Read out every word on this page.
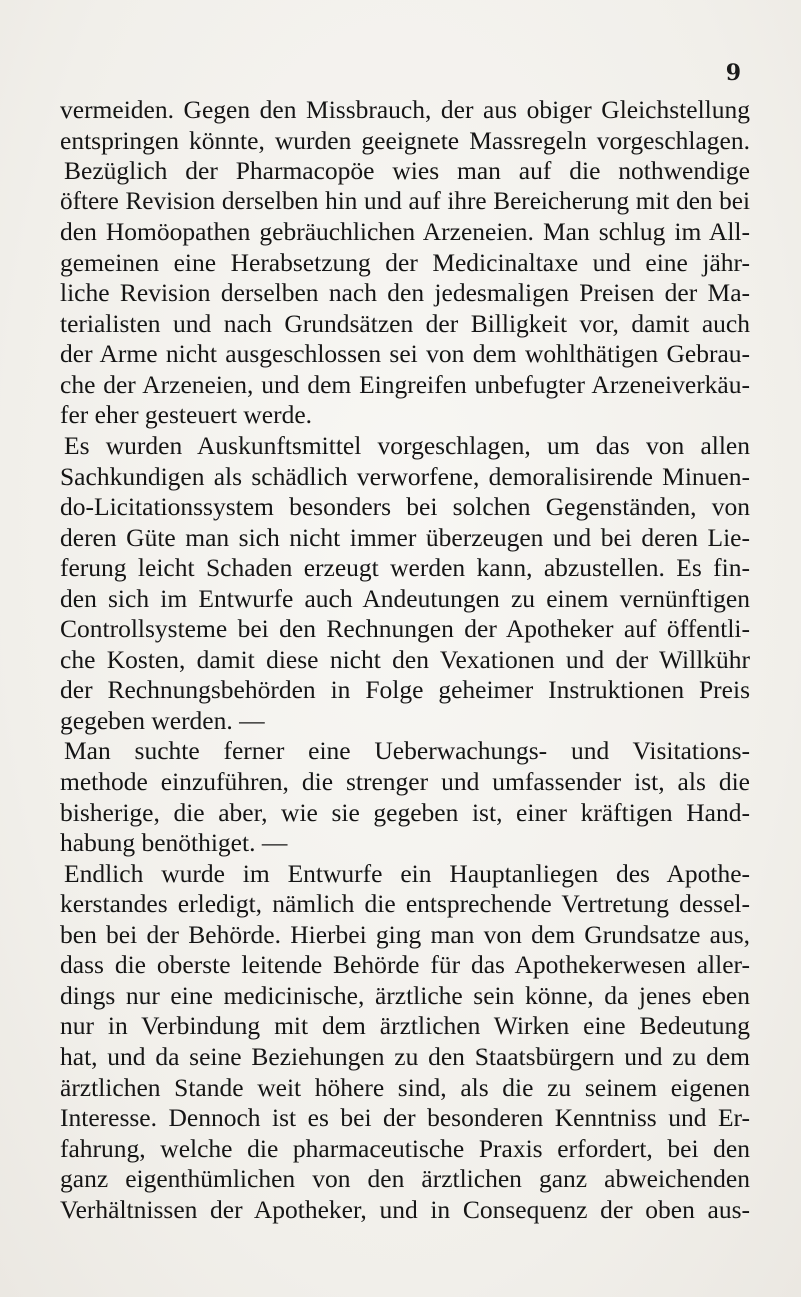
9
vermeiden. Gegen den Missbrauch, der aus obiger Gleichstellung
entspringen könnte, wurden geeignete Massregeln vorgeschlagen.
Bezüglich der Pharmacopöe wies man auf die nothwendige
öftere Revision derselben hin und auf ihre Bereicherung mit den bei
den Homöopathen gebräuchlichen Arzeneien. Man schlug im All-
gemeinen eine Herabsetzung der Medicinaltaxe und eine jähr-
liche Revision derselben nach den jedesmaligen Preisen der Ma-
terialisten und nach Grundsätzen der Billigkeit vor, damit auch
der Arme nicht ausgeschlossen sei von dem wohlthätigen Gebrau-
che der Arzeneien, und dem Eingreifen unbefugter Arzeneiverkäu-
fer eher gesteuert werde.
Es wurden Auskunftsmittel vorgeschlagen, um das von allen
Sachkundigen als schädlich verworfene, demoralisirende Minuen-
do-Licitationssystem besonders bei solchen Gegenständen, von
deren Güte man sich nicht immer überzeugen und bei deren Lie-
ferung leicht Schaden erzeugt werden kann, abzustellen. Es fin-
den sich im Entwurfe auch Andeutungen zu einem vernünftigen
Controllsysteme bei den Rechnungen der Apotheker auf öffentli-
che Kosten, damit diese nicht den Vexationen und der Willkühr
der Rechnungsbehörden in Folge geheimer Instruktionen Preis
gegeben werden. —
Man suchte ferner eine Ueberwachungs- und Visitations-
methode einzuführen, die strenger und umfassender ist, als die
bisherige, die aber, wie sie gegeben ist, einer kräftigen Hand-
habung benöthiget. —
Endlich wurde im Entwurfe ein Hauptanliegen des Apothe-
kerstandes erledigt, nämlich die entsprechende Vertretung dessel-
ben bei der Behörde. Hierbei ging man von dem Grundsatze aus,
dass die oberste leitende Behörde für das Apothekerwesen aller-
dings nur eine medicinische, ärztliche sein könne, da jenes eben
nur in Verbindung mit dem ärztlichen Wirken eine Bedeutung
hat, und da seine Beziehungen zu den Staatsbürgern und zu dem
ärztlichen Stande weit höhere sind, als die zu seinem eigenen
Interesse. Dennoch ist es bei der besonderen Kenntniss und Er-
fahrung, welche die pharmaceutische Praxis erfordert, bei den
ganz eigenthümlichen von den ärztlichen ganz abweichenden
Verhältnissen der Apotheker, und in Consequenz der oben aus-
